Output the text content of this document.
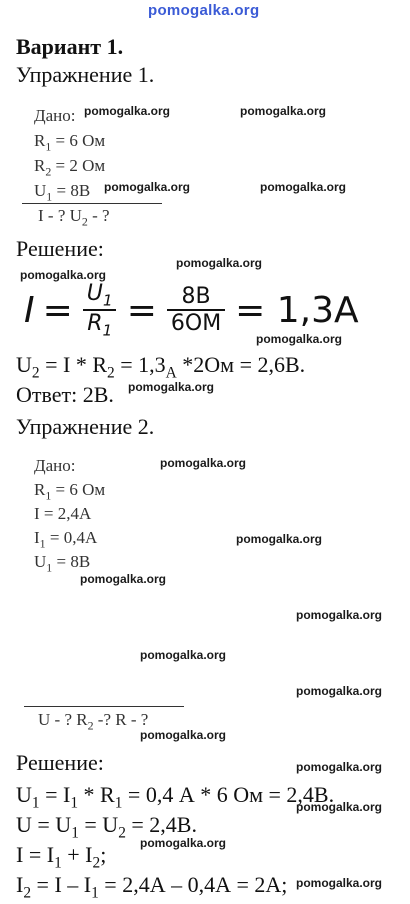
pomogalka.org
pomogalka.org	pomogalka.org
pomogalka.org	pomogalka.org
pomogalka.org
pomogalka.org
pomogalka.org
pomogalka.org
pomogalka.org
pomogalka.org
pomogalka.org
pomogalka.org
pomogalka.org
pomogalka.org
pomogalka.org
pomogalka.org
pomogalka.org
pomogalka.org
pomogalka.org
Вариант 1.
Упражнение 1.
Дано:
$R_1 = 6$ Ом
$R_2 = 2$ Ом
$U_1 = 8В$
I - ? $U_2$ - ?
Решение:
$I = \frac{U_1}{R_1} = \frac{8В}{6ОМ} = 1,3А$
$U_2 = I * R_2 = 1,3_А$ *2Ом = 2,6В.
Ответ: 2В.
Упражнение 2.
Дано:
$R_1 = 6$ Ом
I = 2,4А
$I_1 = 0,4А$
$U_1 = 8В$
U - ? $R_2$ -? R - ?
Решение:
$U_1 = I_1 * R_1 = 0,4$ А * 6 Ом = 2,4В.
$U = U_1 = U_2 = 2,4В$.
$I = I_1 + I_2$;
$I_2 = I - I_1 = 2,4А - 0,4А = 2А$;
